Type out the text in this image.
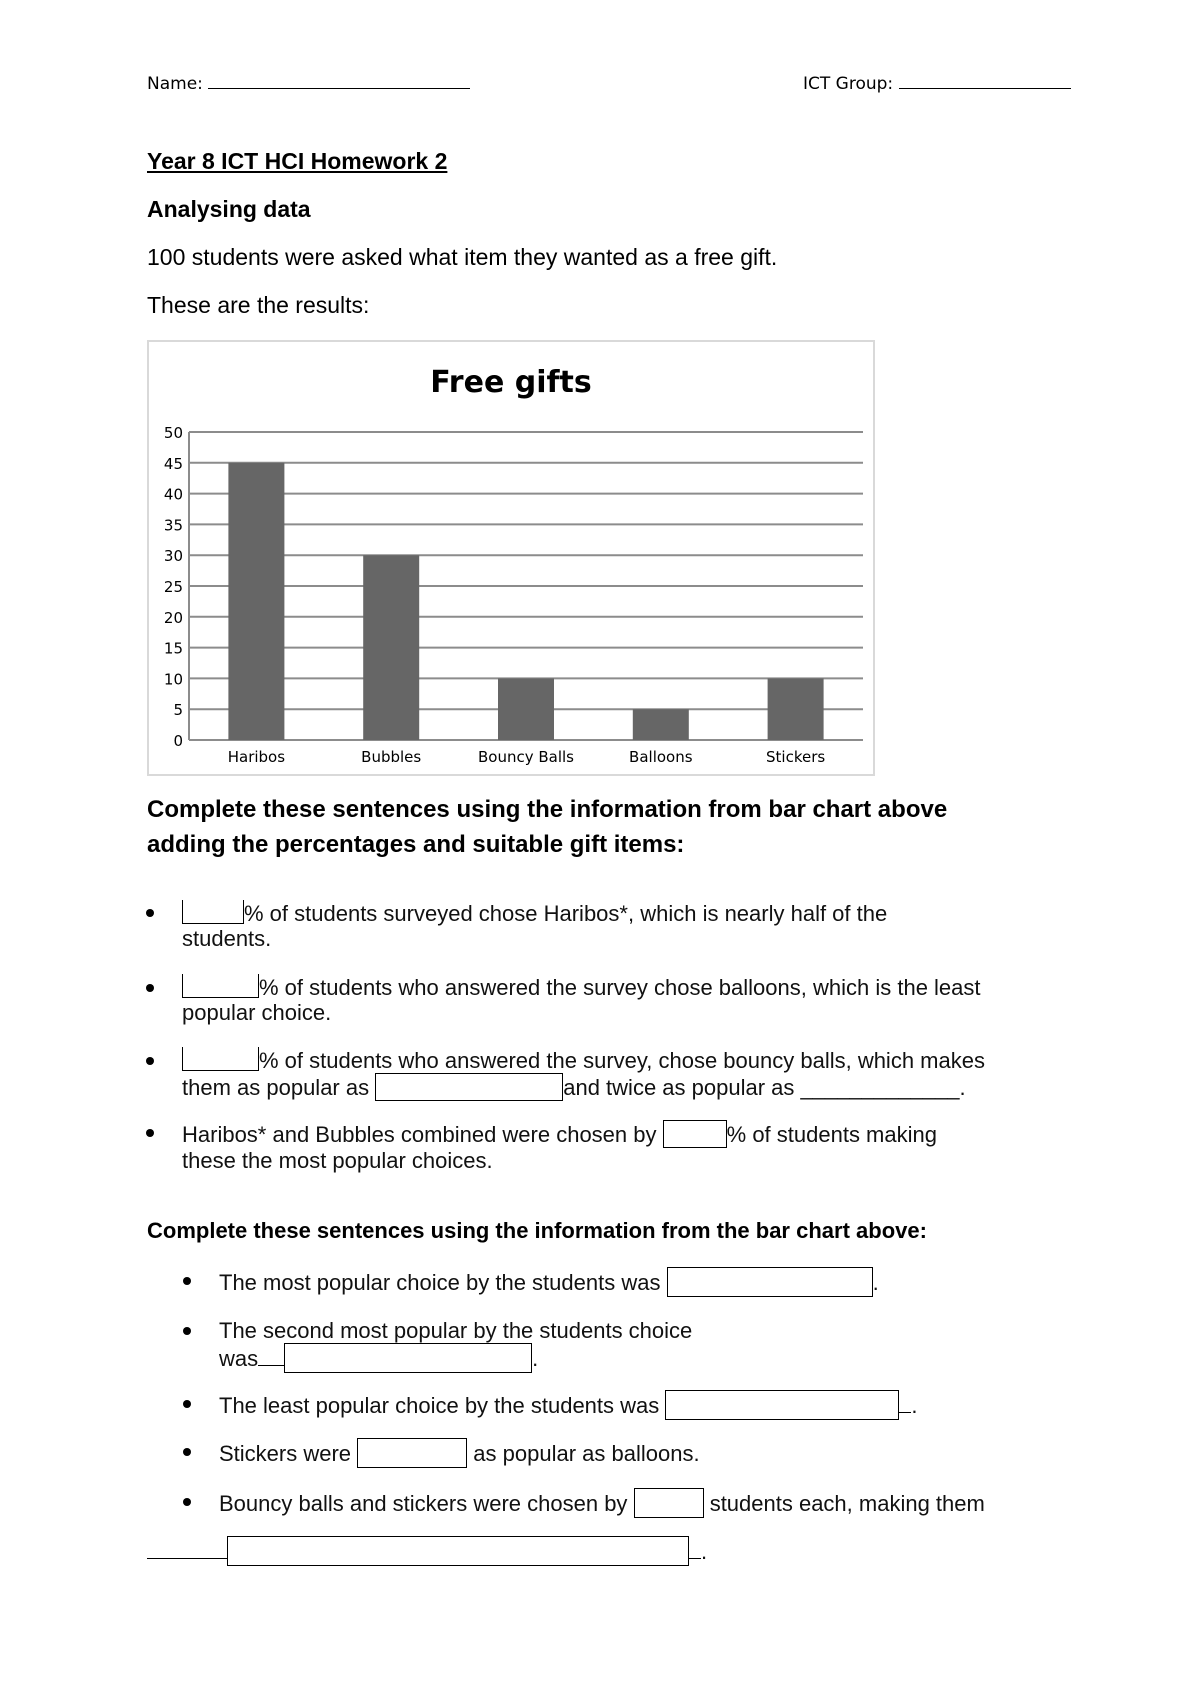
Name:	ICT Group:
Year 8 ICT HCI Homework 2
Analysing data
100 students were asked what item they wanted as a free gift.
These are the results:
Free gifts
0
5
10
15
20
25
30
35
40
45
50
Haribos	Bubbles	Bouncy Balls	Balloons	Stickers
Complete these sentences using the information from bar chart above
adding the percentages and suitable gift items:
% of students surveyed chose Haribos*, which is nearly half of the
students.
% of students who answered the survey chose balloons, which is the least
popular choice.
% of students who answered the survey, chose bouncy balls, which makes
them as popular as	and twice as popular as _____________.
Haribos* and Bubbles combined were chosen by	% of students making
these the most popular choices.
Complete these sentences using the information from the bar chart above:
The most popular choice by the students was	.
The second most popular by the students choice
was	.
The least popular choice by the students was	.
Stickers were	as popular as balloons.
Bouncy balls and stickers were chosen by	students each, making them
.
